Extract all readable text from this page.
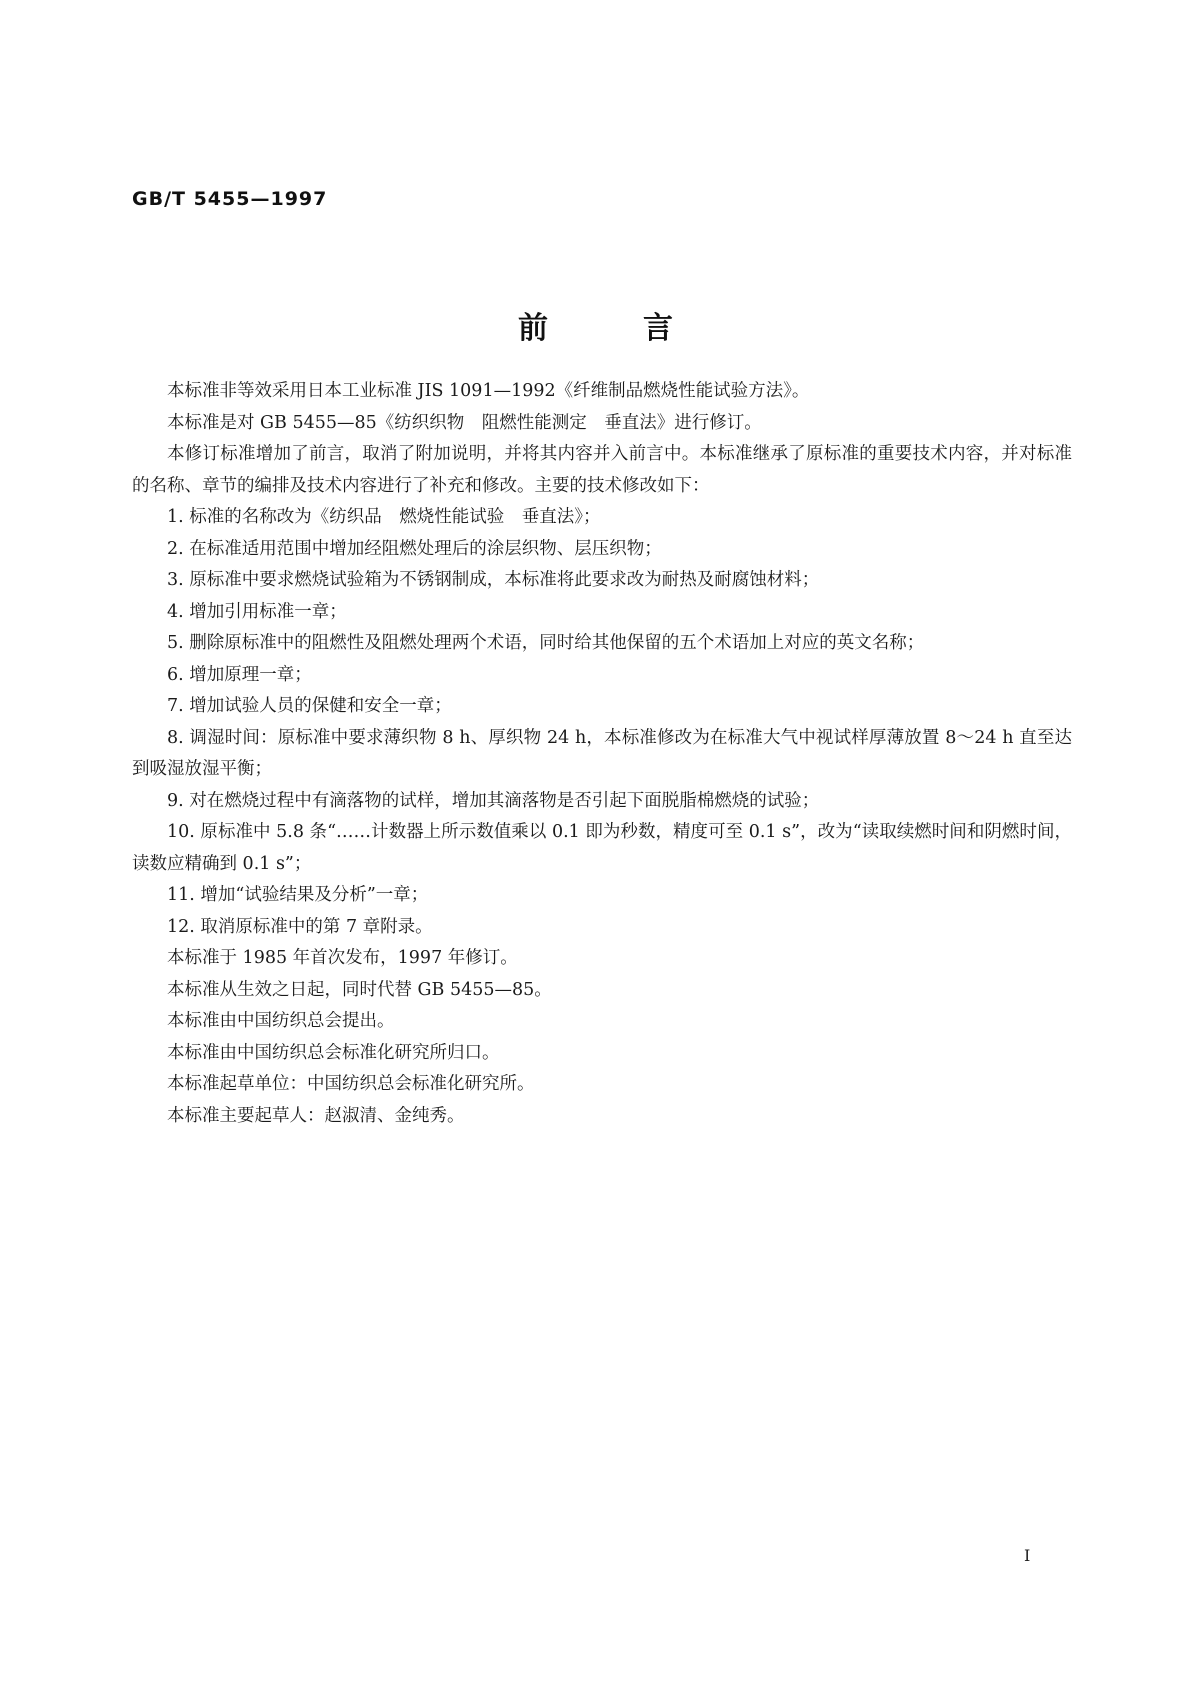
GB/T 5455—1997
前言

本标准非等效采用日本工业标准 JIS 1091—1992《纤维制品燃烧性能试验方法》。

本标准是对 GB 5455—85《纺织织物　阻燃性能测定　垂直法》进行修订。

本修订标准增加了前言，取消了附加说明，并将其内容并入前言中。本标准继承了原标准的重要技术内容，并对标准的名称、章节的编排及技术内容进行了补充和修改。主要的技术修改如下：

1. 标准的名称改为《纺织品　燃烧性能试验　垂直法》；

2. 在标准适用范围中增加经阻燃处理后的涂层织物、层压织物；

3. 原标准中要求燃烧试验箱为不锈钢制成，本标准将此要求改为耐热及耐腐蚀材料；

4. 增加引用标准一章；

5. 删除原标准中的阻燃性及阻燃处理两个术语，同时给其他保留的五个术语加上对应的英文名称；

6. 增加原理一章；

7. 增加试验人员的保健和安全一章；

8. 调湿时间：原标准中要求薄织物 8 h、厚织物 24 h，本标准修改为在标准大气中视试样厚薄放置 8～24 h 直至达到吸湿放湿平衡；

9. 对在燃烧过程中有滴落物的试样，增加其滴落物是否引起下面脱脂棉燃烧的试验；

10. 原标准中 5.8 条“……计数器上所示数值乘以 0.1 即为秒数，精度可至 0.1 s”，改为“读取续燃时间和阴燃时间，读数应精确到 0.1 s”；

11. 增加“试验结果及分析”一章；

12. 取消原标准中的第 7 章附录。

本标准于 1985 年首次发布，1997 年修订。

本标准从生效之日起，同时代替 GB 5455—85。

本标准由中国纺织总会提出。

本标准由中国纺织总会标准化研究所归口。

本标准起草单位：中国纺织总会标准化研究所。

本标准主要起草人：赵淑清、金纯秀。

I
